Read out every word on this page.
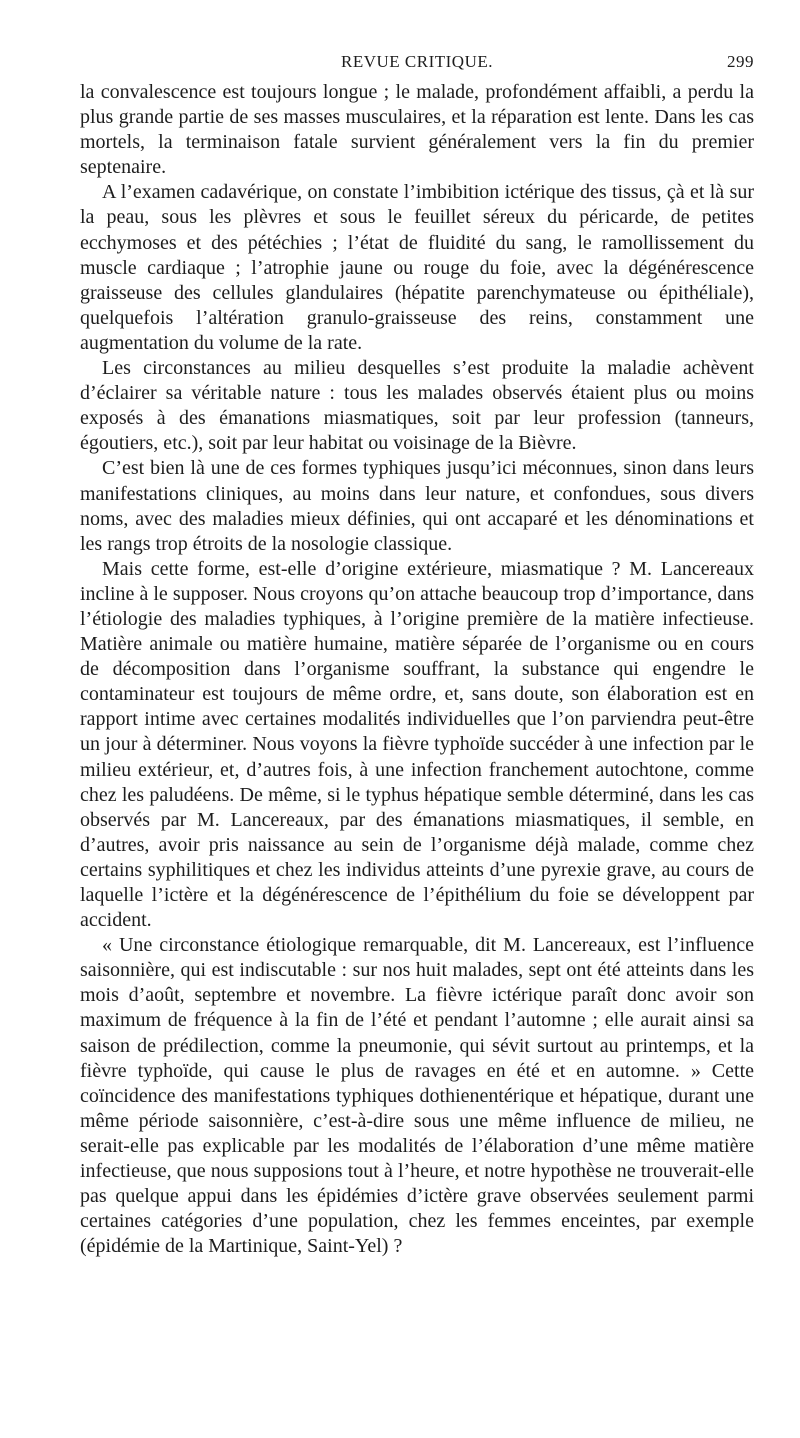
REVUE CRITIQUE.	299

la convalescence est toujours longue ; le malade, profondément affaibli, a perdu la plus grande partie de ses masses musculaires, et la réparation est lente. Dans les cas mortels, la terminaison fatale survient généralement vers la fin du premier septenaire.

A l’examen cadavérique, on constate l’imbibition ictérique des tissus, çà et là sur la peau, sous les plèvres et sous le feuillet séreux du péricarde, de petites ecchymoses et des pétéchies ; l’état de fluidité du sang, le ramollissement du muscle cardiaque ; l’atrophie jaune ou rouge du foie, avec la dégénérescence graisseuse des cellules glandulaires (hépatite parenchymateuse ou épithéliale), quelquefois l’altération granulo-graisseuse des reins, constamment une augmentation du volume de la rate.

Les circonstances au milieu desquelles s’est produite la maladie achèvent d’éclairer sa véritable nature : tous les malades observés étaient plus ou moins exposés à des émanations miasmatiques, soit par leur profession (tanneurs, égoutiers, etc.), soit par leur habitat ou voisinage de la Bièvre.

C’est bien là une de ces formes typhiques jusqu’ici méconnues, sinon dans leurs manifestations cliniques, au moins dans leur nature, et confondues, sous divers noms, avec des maladies mieux définies, qui ont accaparé et les dénominations et les rangs trop étroits de la nosologie classique.

Mais cette forme, est-elle d’origine extérieure, miasmatique ? M. Lancereaux incline à le supposer. Nous croyons qu’on attache beaucoup trop d’importance, dans l’étiologie des maladies typhiques, à l’origine première de la matière infectieuse. Matière animale ou matière humaine, matière séparée de l’organisme ou en cours de décomposition dans l’organisme souffrant, la substance qui engendre le contaminateur est toujours de même ordre, et, sans doute, son élaboration est en rapport intime avec certaines modalités individuelles que l’on parviendra peut-être un jour à déterminer. Nous voyons la fièvre typhoïde succéder à une infection par le milieu extérieur, et, d’autres fois, à une infection franchement autochtone, comme chez les paludéens. De même, si le typhus hépatique semble déterminé, dans les cas observés par M. Lancereaux, par des émanations miasmatiques, il semble, en d’autres, avoir pris naissance au sein de l’organisme déjà malade, comme chez certains syphilitiques et chez les individus atteints d’une pyrexie grave, au cours de laquelle l’ictère et la dégénérescence de l’épithélium du foie se développent par accident.

« Une circonstance étiologique remarquable, dit M. Lancereaux, est l’influence saisonnière, qui est indiscutable : sur nos huit malades, sept ont été atteints dans les mois d’août, septembre et novembre. La fièvre ictérique paraît donc avoir son maximum de fréquence à la fin de l’été et pendant l’automne ; elle aurait ainsi sa saison de prédilection, comme la pneumonie, qui sévit surtout au printemps, et la fièvre typhoïde, qui cause le plus de ravages en été et en automne. » Cette coïncidence des manifestations typhiques dothienentérique et hépatique, durant une même période saisonnière, c’est-à-dire sous une même influence de milieu, ne serait-elle pas explicable par les modalités de l’élaboration d’une même matière infectieuse, que nous supposions tout à l’heure, et notre hypothèse ne trouverait-elle pas quelque appui dans les épidémies d’ictère grave observées seulement parmi certaines catégories d’une population, chez les femmes enceintes, par exemple (épidémie de la Martinique, Saint-Yel) ?
